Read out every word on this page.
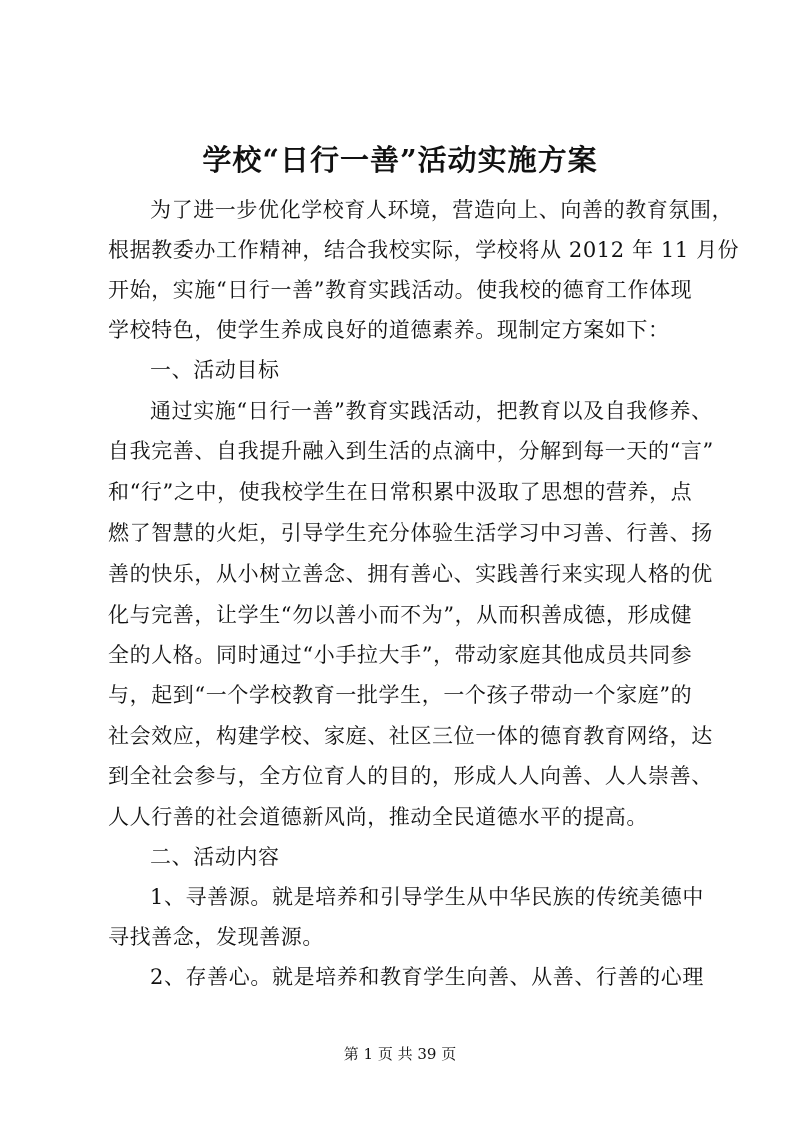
学校“日行一善”活动实施方案
为了进一步优化学校育人环境，营造向上、向善的教育氛围，
根据教委办工作精神，结合我校实际，学校将从 2012 年 11 月份
开始，实施“日行一善”教育实践活动。使我校的德育工作体现
学校特色，使学生养成良好的道德素养。现制定方案如下：
一、活动目标
通过实施“日行一善”教育实践活动，把教育以及自我修养、
自我完善、自我提升融入到生活的点滴中，分解到每一天的“言”
和“行”之中，使我校学生在日常积累中汲取了思想的营养，点
燃了智慧的火炬，引导学生充分体验生活学习中习善、行善、扬
善的快乐，从小树立善念、拥有善心、实践善行来实现人格的优
化与完善，让学生“勿以善小而不为”，从而积善成德，形成健
全的人格。同时通过“小手拉大手”，带动家庭其他成员共同参
与，起到“一个学校教育一批学生，一个孩子带动一个家庭”的
社会效应，构建学校、家庭、社区三位一体的德育教育网络，达
到全社会参与，全方位育人的目的，形成人人向善、人人崇善、
人人行善的社会道德新风尚，推动全民道德水平的提高。
二、活动内容
1、寻善源。就是培养和引导学生从中华民族的传统美德中
寻找善念，发现善源。
2、存善心。就是培养和教育学生向善、从善、行善的心理
第 1 页 共 39 页
